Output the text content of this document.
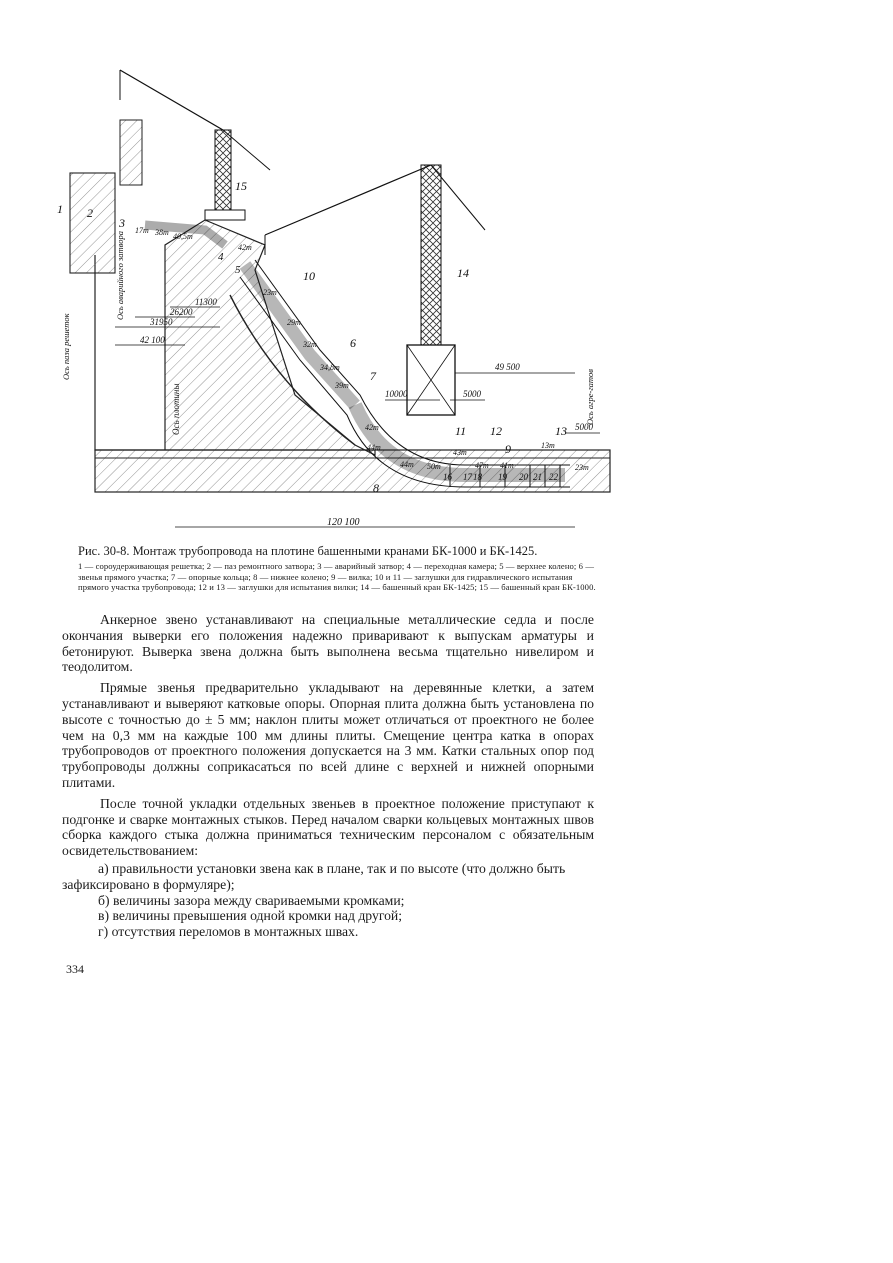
1 2
3
4
5
6
7
8
9
10
11 12	13
14
15
16 18
17	19 20 21 22
49 500
10000	5000
5000
42 100
31950
26200
11300
120 100
17m 38m 40,5m
42m
23m
29m
32m
34,8m
39m
42m
44m
44m 50m
43m
47m 41m
13m
23m
Ось паза решеток
Ось аварийного затвора
Ось плотины	Ось агре-гатов

Рис. 30-8. Монтаж трубопровода на плотине башенными кранами БК-1000 и БК-1425.

1 — сороудерживающая решетка; 2 — паз ремонтного затвора; 3 — аварийный затвор; 4 — переходная камера; 5 — верхнее колено; 6 — звенья прямого участка; 7 — опорные кольца; 8 — нижнее колено; 9 — вилка; 10 и 11 — заглушки для гидравлического испытания прямого участка трубопровода; 12 и 13 — заглушки для испытания вилки; 14 — башенный кран БК-1425; 15 — башенный кран БК-1000.

Анкерное звено устанавливают на специальные металлические седла и после окончания выверки его положения надежно приваривают к выпускам арматуры и бетонируют. Выверка звена должна быть выполнена весьма тщательно нивелиром и теодолитом.

Прямые звенья предварительно укладывают на деревянные клетки, а затем устанавливают и выверяют катковые опоры. Опорная плита должна быть установлена по высоте с точностью до ± 5 мм; наклон плиты может отличаться от проектного не более чем на 0,3 мм на каждые 100 мм длины плиты. Смещение центра катка в опорах трубопроводов от проектного положения допускается на 3 мм. Катки стальных опор под трубопроводы должны соприкасаться по всей длине с верхней и нижней опорными плитами.

После точной укладки отдельных звеньев в проектное положение приступают к подгонке и сварке монтажных стыков. Перед началом сварки кольцевых монтажных швов сборка каждого стыка должна приниматься техническим персоналом с обязательным освидетельствованием:

а) правильности установки звена как в плане, так и по высоте (что должно быть зафиксировано в формуляре);
б) величины зазора между свариваемыми кромками;
в) величины превышения одной кромки над другой;
г) отсутствия переломов в монтажных швах.
334
